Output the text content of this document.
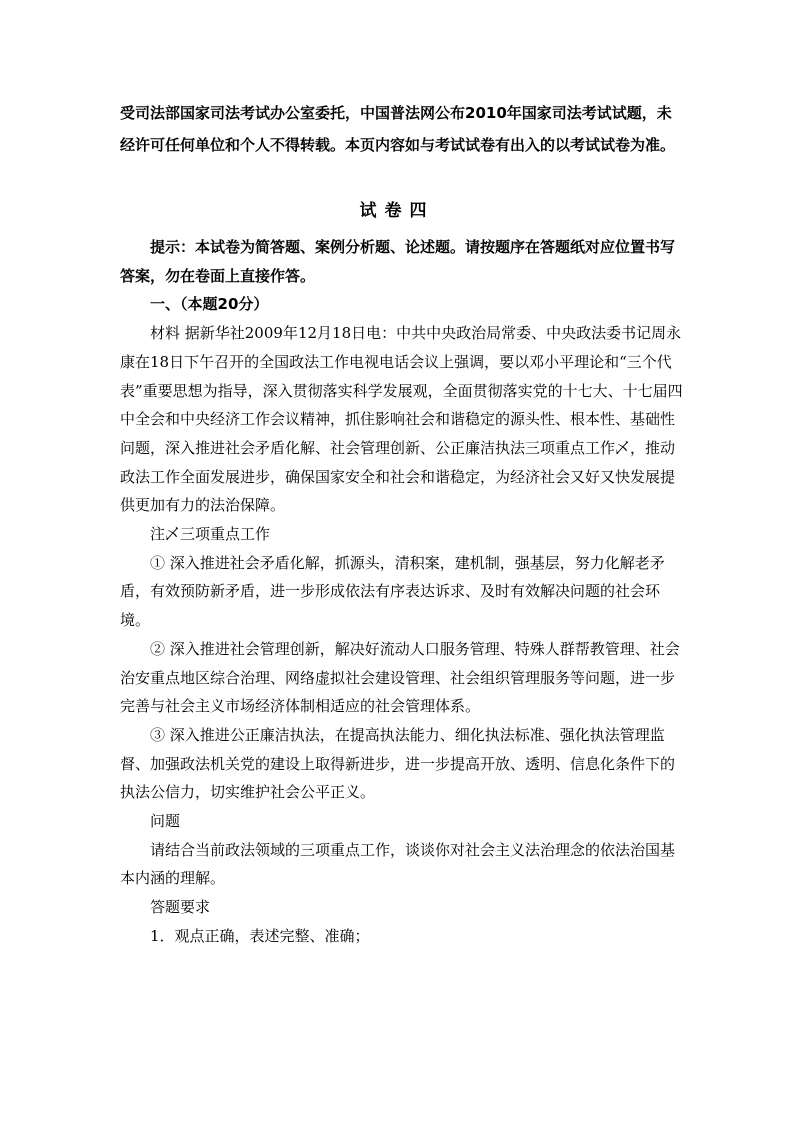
受司法部国家司法考试办公室委托，中国普法网公布2010年国家司法考试试题，未经许可任何单位和个人不得转载。本页内容如与考试试卷有出入的以考试试卷为准。

试卷四

提示：本试卷为简答题、案例分析题、论述题。请按题序在答题纸对应位置书写答案，勿在卷面上直接作答。

一、（本题20分）

材料 据新华社2009年12月18日电：中共中央政治局常委、中央政法委书记周永康在18日下午召开的全国政法工作电视电话会议上强调，要以邓小平理论和“三个代表”重要思想为指导，深入贯彻落实科学发展观，全面贯彻落实党的十七大、十七届四中全会和中央经济工作会议精神，抓住影响社会和谐稳定的源头性、根本性、基础性问题，深入推进社会矛盾化解、社会管理创新、公正廉洁执法三项重点工作乄，推动政法工作全面发展进步，确保国家安全和社会和谐稳定，为经济社会又好又快发展提供更加有力的法治保障。

注乄三项重点工作

① 深入推进社会矛盾化解，抓源头，清积案，建机制，强基层，努力化解老矛盾，有效预防新矛盾，进一步形成依法有序表达诉求、及时有效解决问题的社会环境。

② 深入推进社会管理创新，解决好流动人口服务管理、特殊人群帮教管理、社会治安重点地区综合治理、网络虚拟社会建设管理、社会组织管理服务等问题，进一步完善与社会主义市场经济体制相适应的社会管理体系。

③ 深入推进公正廉洁执法，在提高执法能力、细化执法标准、强化执法管理监督、加强政法机关党的建设上取得新进步，进一步提高开放、透明、信息化条件下的执法公信力，切实维护社会公平正义。

问题

请结合当前政法领域的三项重点工作，谈谈你对社会主义法治理念的依法治国基本内涵的理解。

答题要求

1．观点正确，表述完整、准确；
